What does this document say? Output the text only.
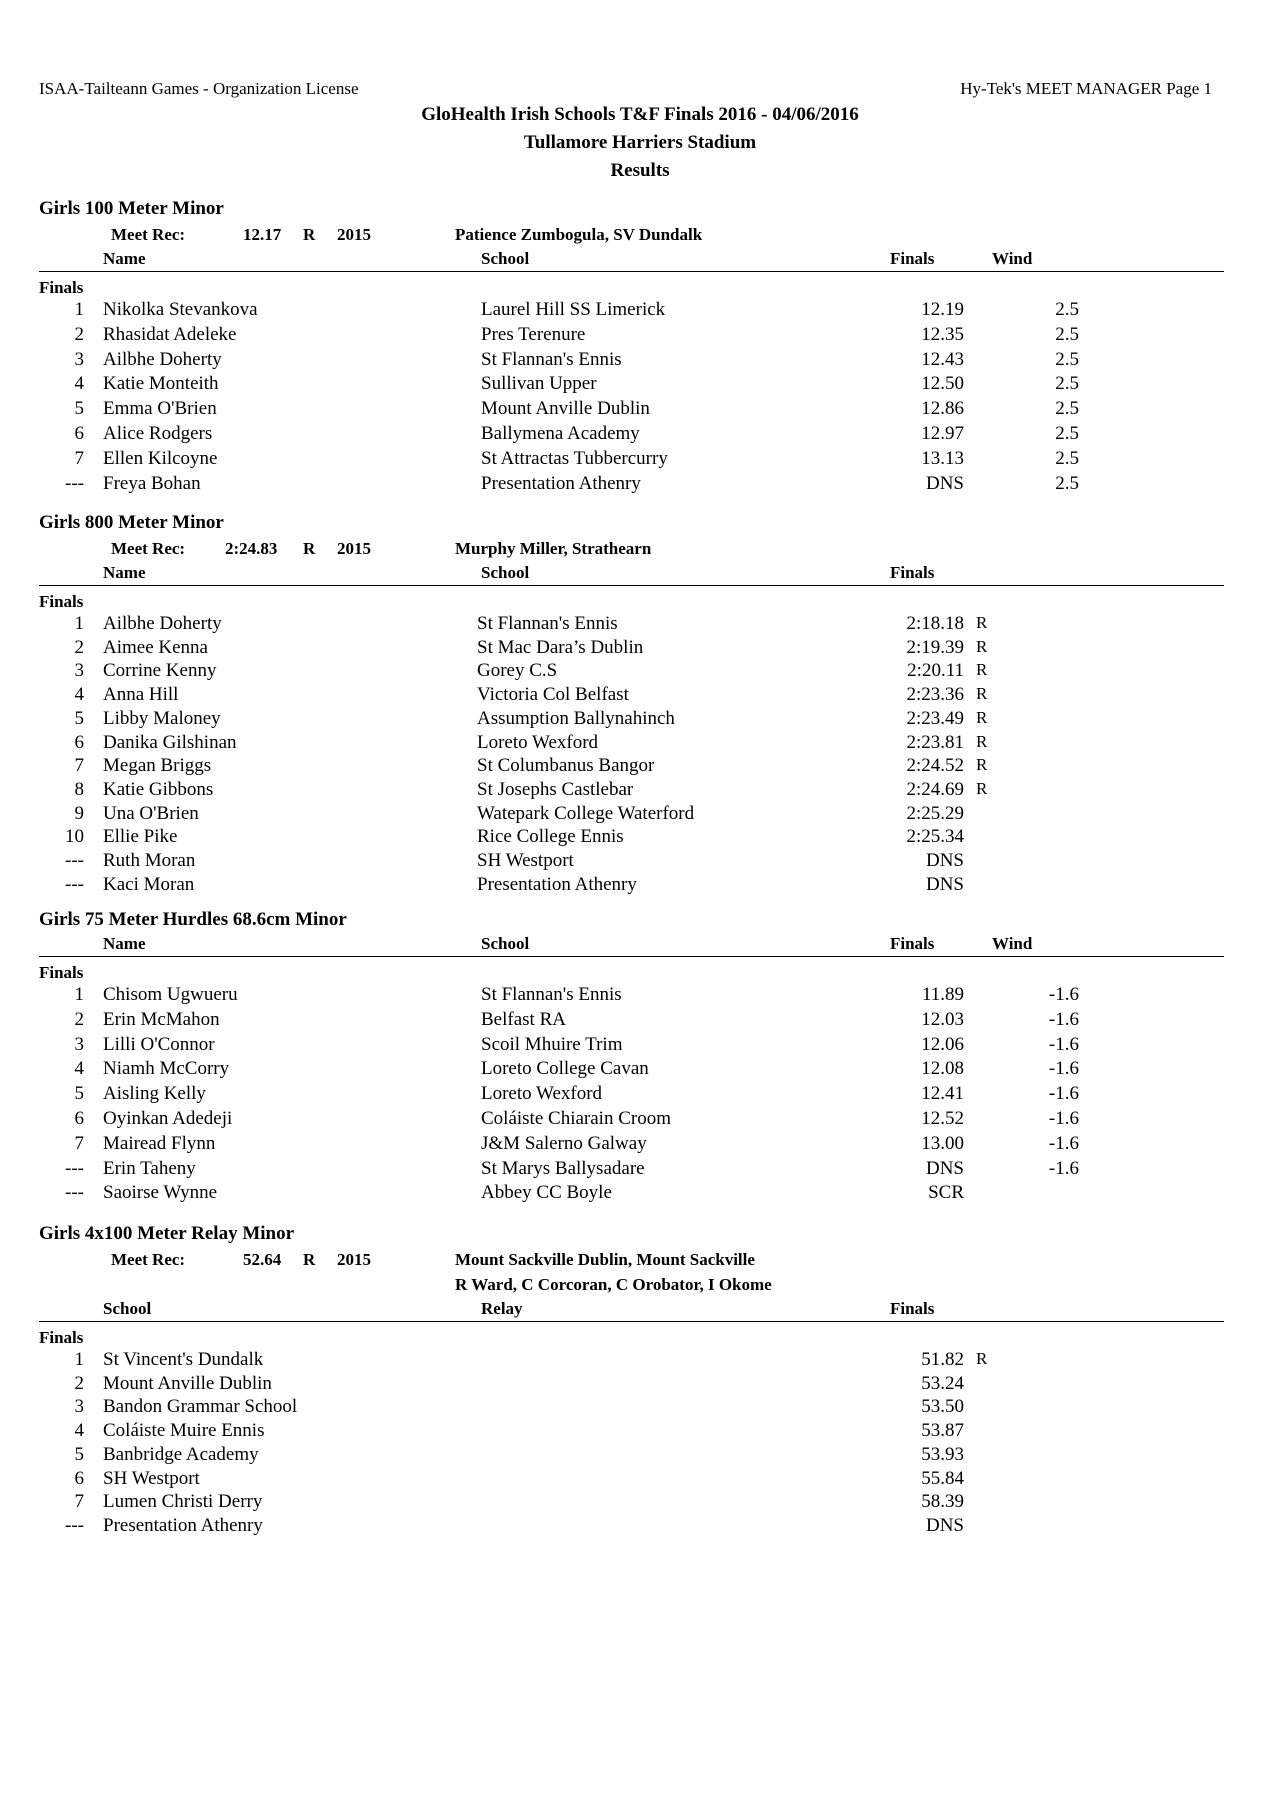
ISAA-Tailteann Games - Organization License	Hy-Tek's MEET MANAGER Page 1
GloHealth Irish Schools T&F Finals 2016 - 04/06/2016
Tullamore Harriers Stadium
Results
Girls 100 Meter Minor
Meet Rec:	12.17 R 2015	Patience Zumbogula, SV Dundalk
Name	School	Finals	Wind
Finals
1 Nikolka Stevankova	Laurel Hill SS Limerick	12.19	2.5
2 Rhasidat Adeleke	Pres Terenure	12.35	2.5
3 Ailbhe Doherty	St Flannan's Ennis	12.43	2.5
4 Katie Monteith	Sullivan Upper	12.50	2.5
5 Emma O'Brien	Mount Anville Dublin	12.86	2.5
6 Alice Rodgers	Ballymena Academy	12.97	2.5
7 Ellen Kilcoyne	St Attractas Tubbercurry	13.13	2.5
--- Freya Bohan	Presentation Athenry	DNS	2.5
Girls 800 Meter Minor
Meet Rec: 2:24.83 R 2015	Murphy Miller, Strathearn
Name	School	Finals
Finals
1 Ailbhe Doherty	St Flannan's Ennis	2:18.18 R
2 Aimee Kenna	St Mac Dara’s Dublin	2:19.39 R
3 Corrine Kenny	Gorey C.S	2:20.11 R
4 Anna Hill	Victoria Col Belfast	2:23.36 R
5 Libby Maloney	Assumption Ballynahinch	2:23.49 R
6 Danika Gilshinan	Loreto Wexford	2:23.81 R
7 Megan Briggs	St Columbanus Bangor	2:24.52 R
8 Katie Gibbons	St Josephs Castlebar	2:24.69 R
9 Una O'Brien	Watepark College Waterford	2:25.29
10 Ellie Pike	Rice College Ennis	2:25.34
--- Ruth Moran	SH Westport	DNS
--- Kaci Moran	Presentation Athenry	DNS
Girls 75 Meter Hurdles 68.6cm Minor
Name	School	Finals	Wind
Finals
1 Chisom Ugwueru	St Flannan's Ennis	11.89	-1.6
2 Erin McMahon	Belfast RA	12.03	-1.6
3 Lilli O'Connor	Scoil Mhuire Trim	12.06	-1.6
4 Niamh McCorry	Loreto College Cavan	12.08	-1.6
5 Aisling Kelly	Loreto Wexford	12.41	-1.6
6 Oyinkan Adedeji	Coláiste Chiarain Croom	12.52	-1.6
7 Mairead Flynn	J&M Salerno Galway	13.00	-1.6
--- Erin Taheny	St Marys Ballysadare	DNS	-1.6
--- Saoirse Wynne	Abbey CC Boyle	SCR
Girls 4x100 Meter Relay Minor
Meet Rec:	52.64 R 2015	Mount Sackville Dublin, Mount Sackville
R Ward, C Corcoran, C Orobator, I Okome
School	Relay	Finals
Finals
1 St Vincent's Dundalk	51.82 R
2 Mount Anville Dublin	53.24
3 Bandon Grammar School	53.50
4 Coláiste Muire Ennis	53.87
5 Banbridge Academy	53.93
6 SH Westport	55.84
7 Lumen Christi Derry	58.39
--- Presentation Athenry	DNS
